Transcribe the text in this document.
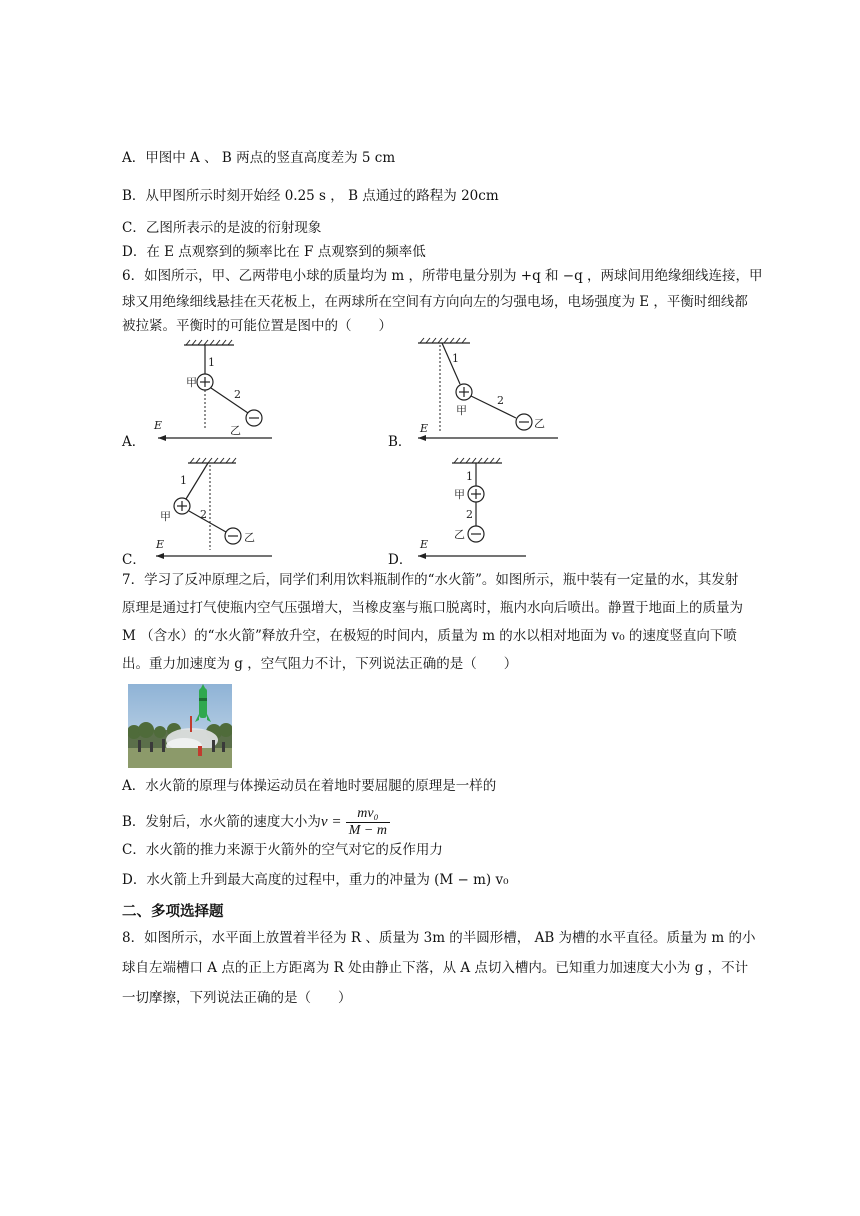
A．甲图中 A 、 B 两点的竖直高度差为 5 cm
B．从甲图所示时刻开始经 0.25 s ， B 点通过的路程为 20cm
C．乙图所表示的是波的衍射现象
D．在 E 点观察到的频率比在 F 点观察到的频率低
6．如图所示，甲、乙两带电小球的质量均为 m ，所带电量分别为 +q 和 −q ，两球间用绝缘细线连接，甲
球又用绝缘细线悬挂在天花板上，在两球所在空间有方向向左的匀强电场，电场强度为 E ，平衡时细线都
被拉紧。平衡时的可能位置是图中的（　　）
A．
1
2
甲
乙
E
B．
1
2
甲
乙
E
C．
1
2
甲
乙
E
D．
1
2
甲
乙
E
7．学习了反冲原理之后，同学们利用饮料瓶制作的“水火箭”。如图所示，瓶中装有一定量的水，其发射
原理是通过打气使瓶内空气压强增大，当橡皮塞与瓶口脱离时，瓶内水向后喷出。静置于地面上的质量为
M （含水）的“水火箭”释放升空，在极短的时间内，质量为 m 的水以相对地面为 v₀ 的速度竖直向下喷
出。重力加速度为 g ，空气阻力不计，下列说法正确的是（　　）
A．水火箭的原理与体操运动员在着地时要屈腿的原理是一样的
B．发射后，水火箭的速度大小为$v = \frac{\text{mv₀}}{M - m}$
C．水火箭的推力来源于火箭外的空气对它的反作用力
D．水火箭上升到最大高度的过程中，重力的冲量为 (M − m) v₀
二、多项选择题
8．如图所示，水平面上放置着半径为 R 、质量为 3m 的半圆形槽， AB 为槽的水平直径。质量为 m 的小
球自左端槽口 A 点的正上方距离为 R 处由静止下落，从 A 点切入槽内。已知重力加速度大小为 g ，不计
一切摩擦，下列说法正确的是（　　）
